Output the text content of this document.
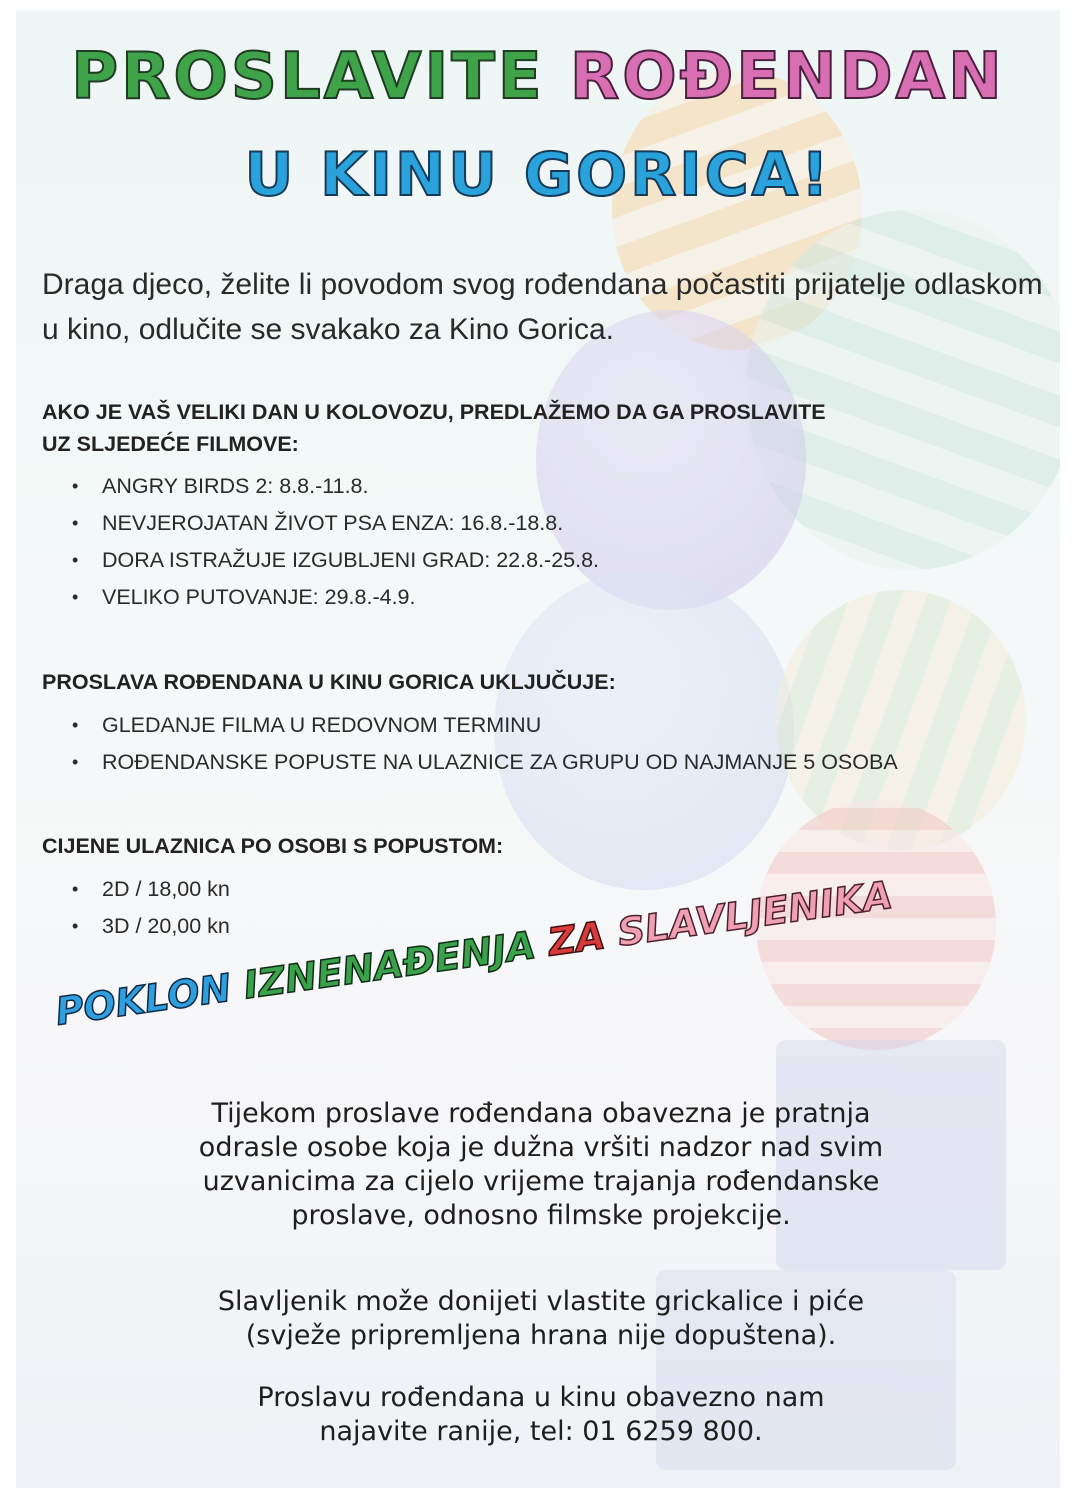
PROSLAVITE ROĐENDAN
U KINU GORICA!
Draga djeco, želite li povodom svog rođendana počastiti prijatelje odlaskom u kino, odlučite se svakako za Kino Gorica.
AKO JE VAŠ VELIKI DAN U KOLOVOZU, PREDLAŽEMO DA GA PROSLAVITE
UZ SLJEDEĆE FILMOVE:
• ANGRY BIRDS 2: 8.8.-11.8.
• NEVJEROJATAN ŽIVOT PSA ENZA: 16.8.-18.8.
• DORA ISTRAŽUJE IZGUBLJENI GRAD: 22.8.-25.8.
• VELIKO PUTOVANJE: 29.8.-4.9.
PROSLAVA ROĐENDANA U KINU GORICA UKLJUČUJE:
• GLEDANJE FILMA U REDOVNOM TERMINU
• ROĐENDANSKE POPUSTE NA ULAZNICE ZA GRUPU OD NAJMANJE 5 OSOBA
CIJENE ULAZNICA PO OSOBI S POPUSTOM:
• 2D / 18,00 kn
• 3D / 20,00 kn
POKLON IZNENAĐENJA ZA SLAVLJENIKA
Tijekom proslave rođendana obavezna je pratnja
odrasle osobe koja je dužna vršiti nadzor nad svim
uzvanicima za cijelo vrijeme trajanja rođendanske
proslave, odnosno filmske projekcije.
Slavljenik može donijeti vlastite grickalice i piće
(svježe pripremljena hrana nije dopuštena).
Proslavu rođendana u kinu obavezno nam
najavite ranije, tel: 01 6259 800.
